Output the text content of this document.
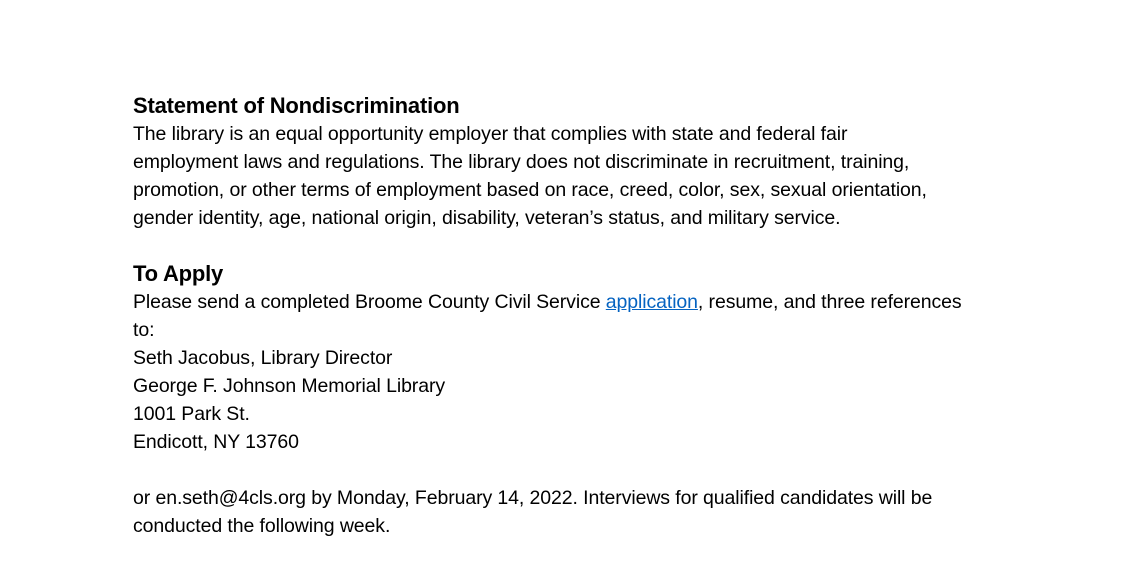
Statement of Nondiscrimination

The library is an equal opportunity employer that complies with state and federal fair
employment laws and regulations. The library does not discriminate in recruitment, training,
promotion, or other terms of employment based on race, creed, color, sex, sexual orientation,
gender identity, age, national origin, disability, veteran’s status, and military service.

To Apply

Please send a completed Broome County Civil Service application, resume, and three references
to:
Seth Jacobus, Library Director
George F. Johnson Memorial Library
1001 Park St.
Endicott, NY 13760

or en.seth@4cls.org by Monday, February 14, 2022. Interviews for qualified candidates will be
conducted the following week.
